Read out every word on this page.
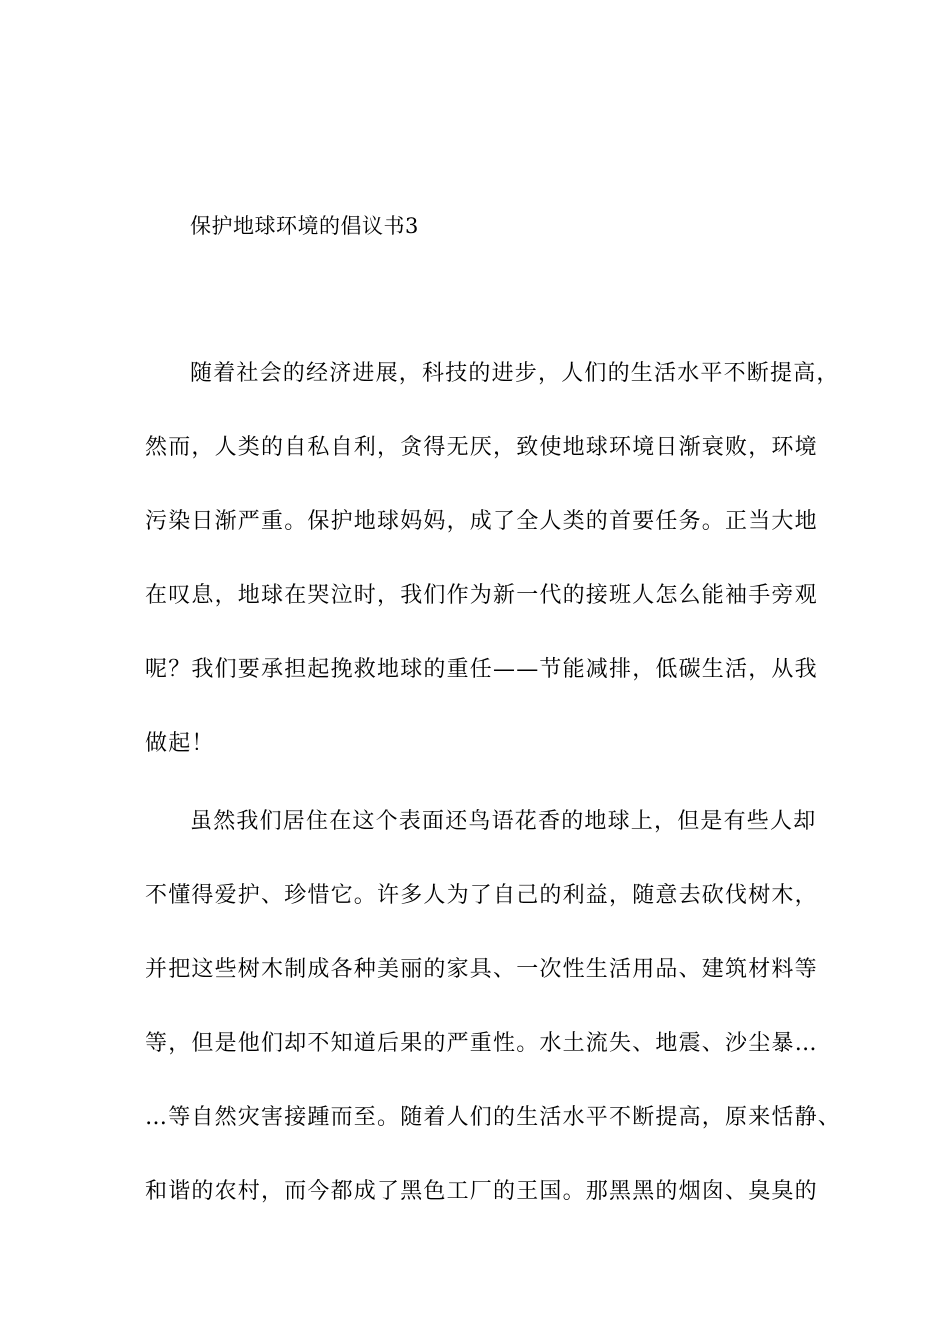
保护地球环境的倡议书3
随着社会的经济进展，科技的进步，人们的生活水平不断提高，
然而，人类的自私自利，贪得无厌，致使地球环境日渐衰败，环境
污染日渐严重。保护地球妈妈，成了全人类的首要任务。正当大地
在叹息，地球在哭泣时，我们作为新一代的接班人怎么能袖手旁观
呢？我们要承担起挽救地球的重任——节能减排，低碳生活，从我
做起！
虽然我们居住在这个表面还鸟语花香的地球上，但是有些人却
不懂得爱护、珍惜它。许多人为了自己的利益，随意去砍伐树木，
并把这些树木制成各种美丽的家具、一次性生活用品、建筑材料等
等，但是他们却不知道后果的严重性。水土流失、地震、沙尘暴…
…等自然灾害接踵而至。随着人们的生活水平不断提高，原来恬静、
和谐的农村，而今都成了黑色工厂的王国。那黑黑的烟囱、臭臭的
